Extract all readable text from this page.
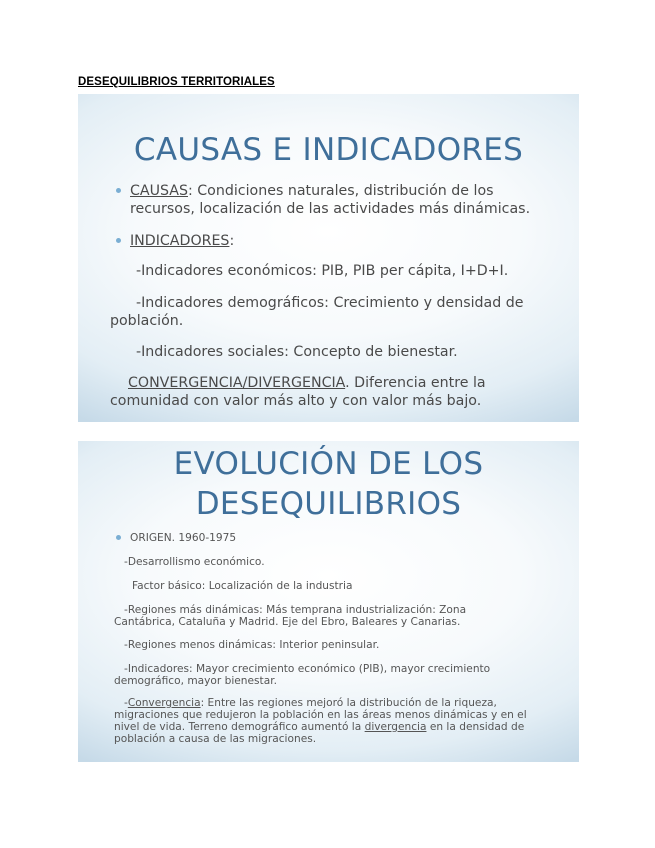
DESEQUILIBRIOS TERRITORIALES
CAUSAS E INDICADORES
CAUSAS: Condiciones naturales, distribución de los recursos, localización de las actividades más dinámicas.
INDICADORES:
-Indicadores económicos: PIB, PIB per cápita, I+D+I.
-Indicadores demográficos: Crecimiento y densidad de población.
-Indicadores sociales: Concepto de bienestar.
CONVERGENCIA/DIVERGENCIA. Diferencia entre la comunidad con valor más alto y con valor más bajo.
EVOLUCIÓN DE LOS
DESEQUILIBRIOS
ORIGEN. 1960-1975
-Desarrollismo económico.
Factor básico: Localización de la industria
-Regiones más dinámicas: Más temprana industrialización: Zona Cantábrica, Cataluña y Madrid. Eje del Ebro, Baleares y Canarias.
-Regiones menos dinámicas: Interior peninsular.
-Indicadores: Mayor crecimiento económico (PIB), mayor crecimiento demográfico, mayor bienestar.
-Convergencia: Entre las regiones mejoró la distribución de la riqueza, migraciones que redujeron la población en las áreas menos dinámicas y en el nivel de vida. Terreno demográfico aumentó la divergencia en la densidad de población a causa de las migraciones.
